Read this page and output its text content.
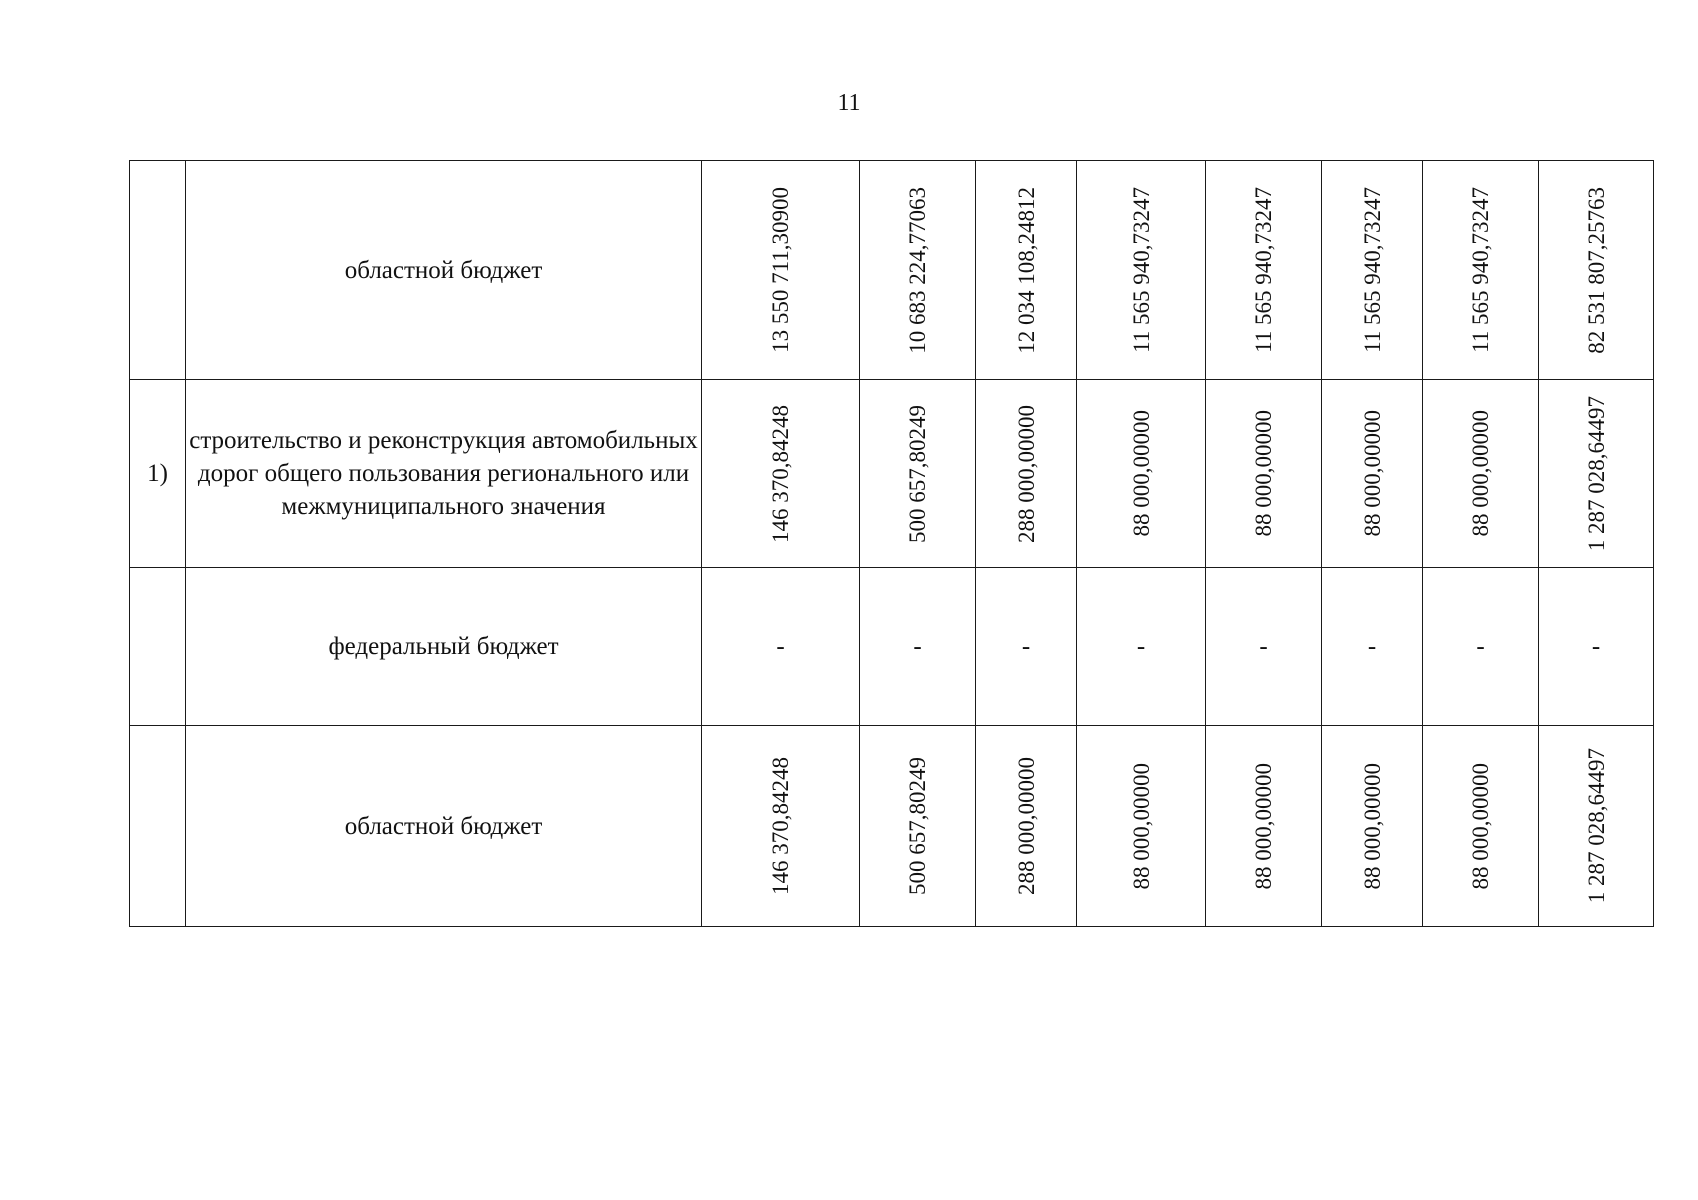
11
	областной бюджет	13 550 711,30900	10 683 224,77063	12 034 108,24812	11 565 940,73247	11 565 940,73247	11 565 940,73247	11 565 940,73247	82 531 807,25763

1)	строительство и реконструкция автомобильных дорог общего пользования регионального или межмуниципального значения	146 370,84248	500 657,80249	288 000,00000	88 000,00000	88 000,00000	88 000,00000	88 000,00000	1 287 028,64497

	федеральный бюджет	-	-	-	-	-	-	-	-
	областной бюджет	146 370,84248	500 657,80249	288 000,00000	88 000,00000	88 000,00000	88 000,00000	88 000,00000	1 287 028,64497
